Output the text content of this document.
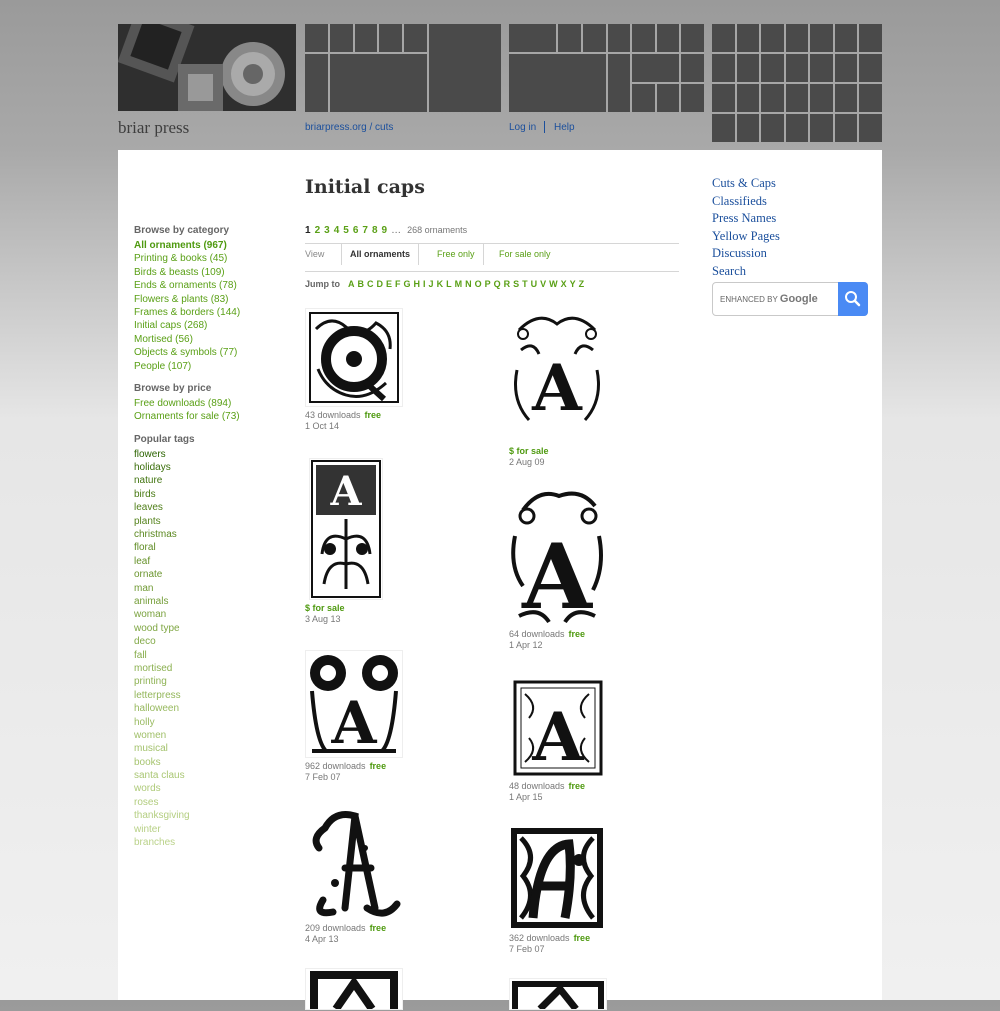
briar press	briarpress.org / cuts	Log in Help
Browse by category
All ornaments (967)
Printing & books (45)
Birds & beasts (109)
Ends & ornaments (78)
Flowers & plants (83)
Frames & borders (144)
Initial caps (268)
Mortised (56)
Objects & symbols (77)
People (107)
Browse by price
Free downloads (894)
Ornaments for sale (73)
Popular tags
flowers
holidays
nature
birds
leaves
plants
christmas
floral
leaf
ornate
man
animals
woman
wood type
deco
fall
mortised
printing
letterpress
halloween
holly
women
musical
books
santa claus
words
roses
thanksgiving
winter
branches
Initial caps
1 2 3 4 5 6 7 8 9 … 268 ornaments
View	All ornaments	Free only	For sale only
Jump to A B C D E F G H I J K L M N O P Q R S T U V W X Y Z
43 downloads free
1 Oct 14
A
$ for sale
3 Aug 13
A
962 downloads free
7 Feb 07
209 downloads free
4 Apr 13
A
$ for sale
2 Aug 09
A
64 downloads free
1 Apr 12
A
48 downloads free
1 Apr 15
362 downloads free
7 Feb 07
Cuts & Caps
Classifieds
Press Names
Yellow Pages
Discussion
Search
ENHANCED BY Google
